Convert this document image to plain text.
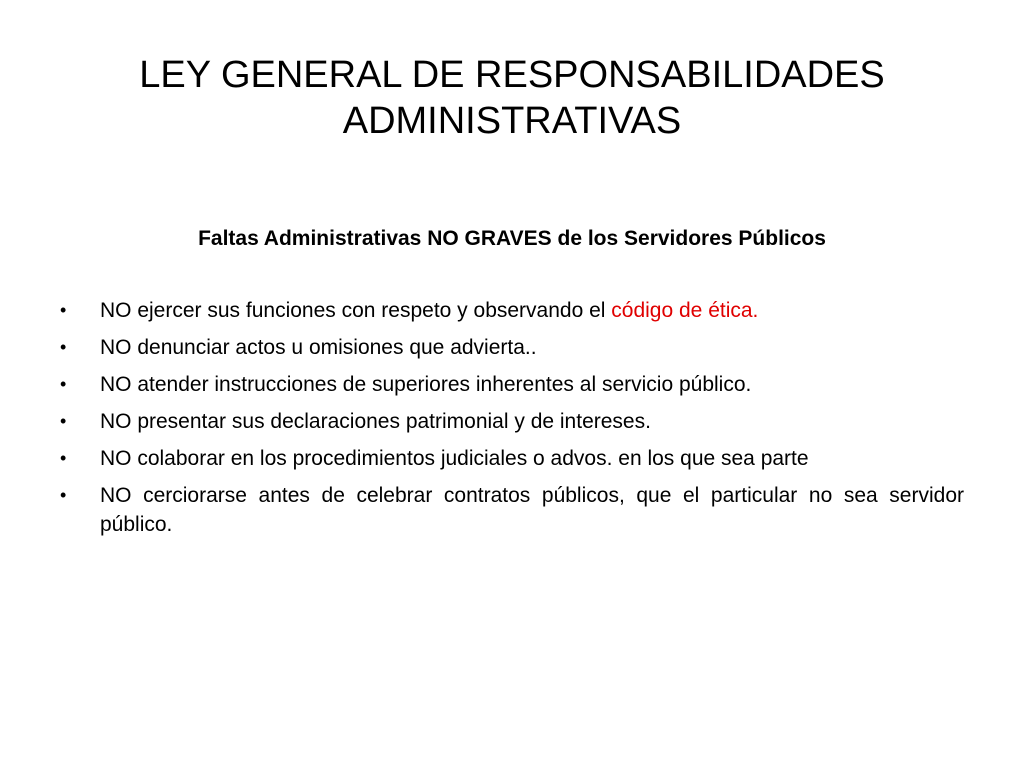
LEY GENERAL DE RESPONSABILIDADES
ADMINISTRATIVAS

Faltas Administrativas NO GRAVES de los Servidores Públicos

•	NO ejercer sus funciones con respeto y observando el código de ética.
•	NO denunciar actos u omisiones que advierta..
•	NO atender instrucciones de superiores inherentes al servicio público.
•	NO presentar sus declaraciones patrimonial y de intereses.
•	NO colaborar en los procedimientos judiciales o advos. en los que sea parte
•	NO cerciorarse antes de celebrar contratos públicos, que el particular no sea servidor público.
